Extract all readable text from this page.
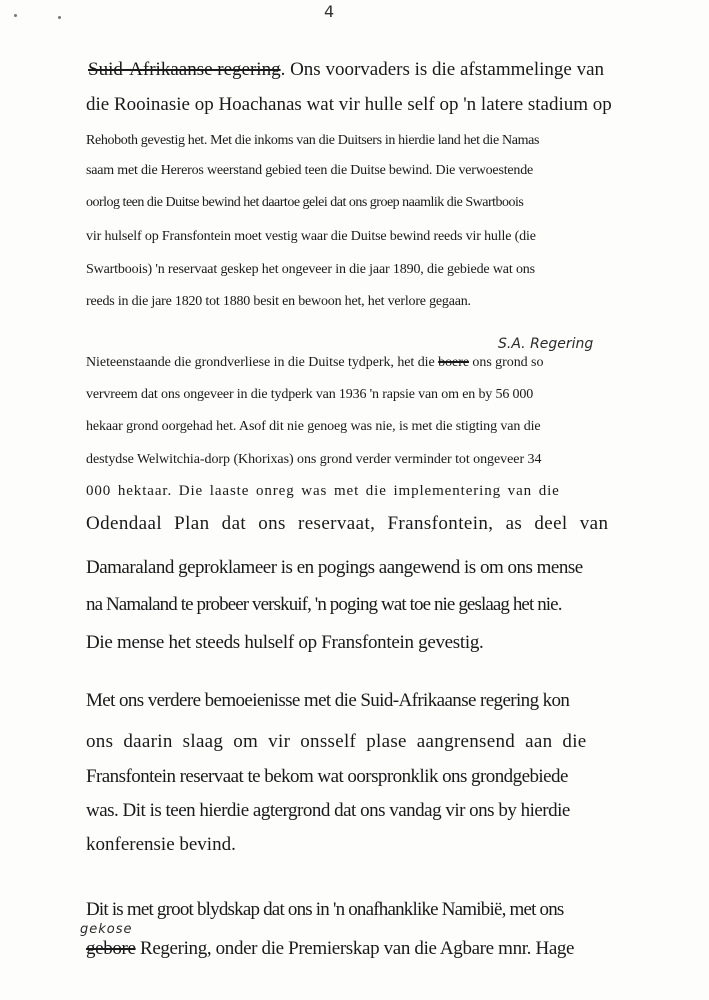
4
Suid-Afrikaanse regering. Ons voorvaders is die afstammelinge van
die Rooinasie op Hoachanas wat vir hulle self op 'n latere stadium op
Rehoboth gevestig het. Met die inkoms van die Duitsers in hierdie land het die Namas
saam met die Hereros weerstand gebied teen die Duitse bewind. Die verwoestende
oorlog teen die Duitse bewind het daartoe gelei dat ons groep naamlik die Swartboois
vir hulself op Fransfontein moet vestig waar die Duitse bewind reeds vir hulle (die
Swartboois) 'n reservaat geskep het ongeveer in die jaar 1890, die gebiede wat ons
reeds in die jare 1820 tot 1880 besit en bewoon het, het verlore gegaan.
S.A. Regering
Nieteenstaande die grondverliese in die Duitse tydperk, het die boere ons grond so
vervreem dat ons ongeveer in die tydperk van 1936 'n rapsie van om en by 56 000
hekaar grond oorgehad het. Asof dit nie genoeg was nie, is met die stigting van die
destydse Welwitchia-dorp (Khorixas) ons grond verder verminder tot ongeveer 34
000 hektaar. Die laaste onreg was met die implementering van die
Odendaal Plan dat ons reservaat, Fransfontein, as deel van
Damaraland geproklameer is en pogings aangewend is om ons mense
na Namaland te probeer verskuif, 'n poging wat toe nie geslaag het nie.
Die mense het steeds hulself op Fransfontein gevestig.
Met ons verdere bemoeienisse met die Suid-Afrikaanse regering kon
ons daarin slaag om vir onsself plase aangrensend aan die
Fransfontein reservaat te bekom wat oorspronklik ons grondgebiede
was. Dit is teen hierdie agtergrond dat ons vandag vir ons by hierdie
konferensie bevind.
Dit is met groot blydskap dat ons in 'n onafhanklike Namibië, met ons
gekose
gebore Regering, onder die Premierskap van die Agbare mnr. Hage
